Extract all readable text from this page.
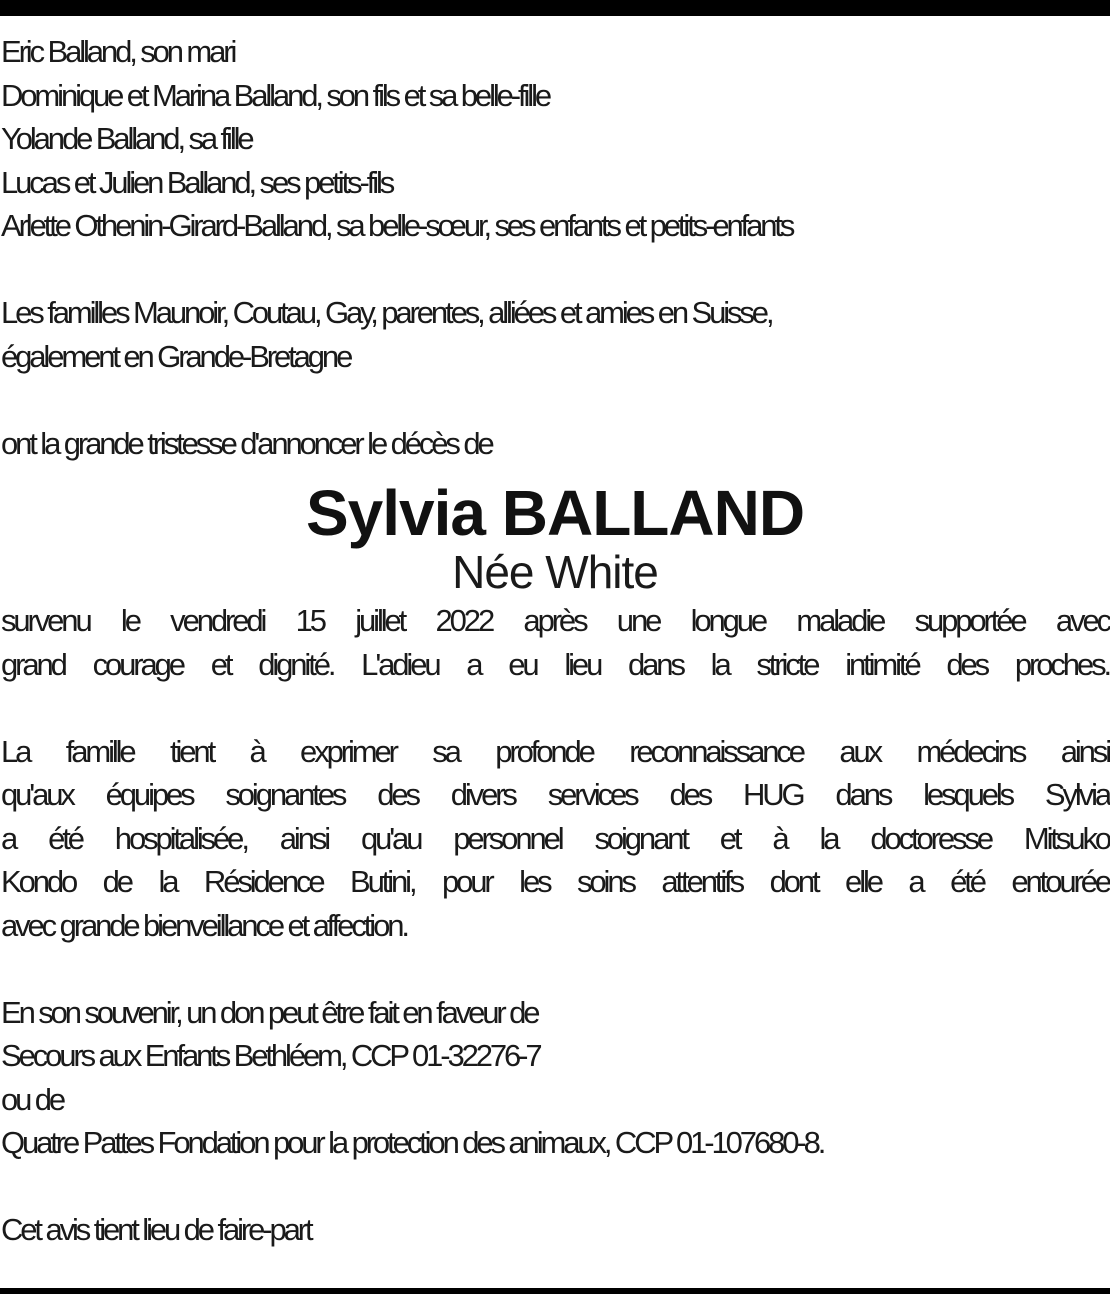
Eric Balland, son mari
Dominique et Marina Balland, son fils et sa belle-fille
Yolande Balland, sa fille
Lucas et Julien Balland, ses petits-fils
Arlette Othenin-Girard-Balland, sa belle-sœur, ses enfants et petits-enfants
Les familles Maunoir, Coutau, Gay, parentes, alliées et amies en Suisse,
également en Grande-Bretagne
ont la grande tristesse d'annoncer le décès de
Sylvia BALLAND
Née White
survenu le vendredi 15 juillet 2022 après une longue maladie supportée avec
grand courage et dignité. L'adieu a eu lieu dans la stricte intimité des proches.
La famille tient à exprimer sa profonde reconnaissance aux médecins ainsi
qu'aux équipes soignantes des divers services des HUG dans lesquels Sylvia
a été hospitalisée, ainsi qu'au personnel soignant et à la doctoresse Mitsuko
Kondo de la Résidence Butini, pour les soins attentifs dont elle a été entourée
avec grande bienveillance et affection.
En son souvenir, un don peut être fait en faveur de
Secours aux Enfants Bethléem, CCP 01-32276-7
ou de
Quatre Pattes Fondation pour la protection des animaux, CCP 01-107680-8.
Cet avis tient lieu de faire-part
